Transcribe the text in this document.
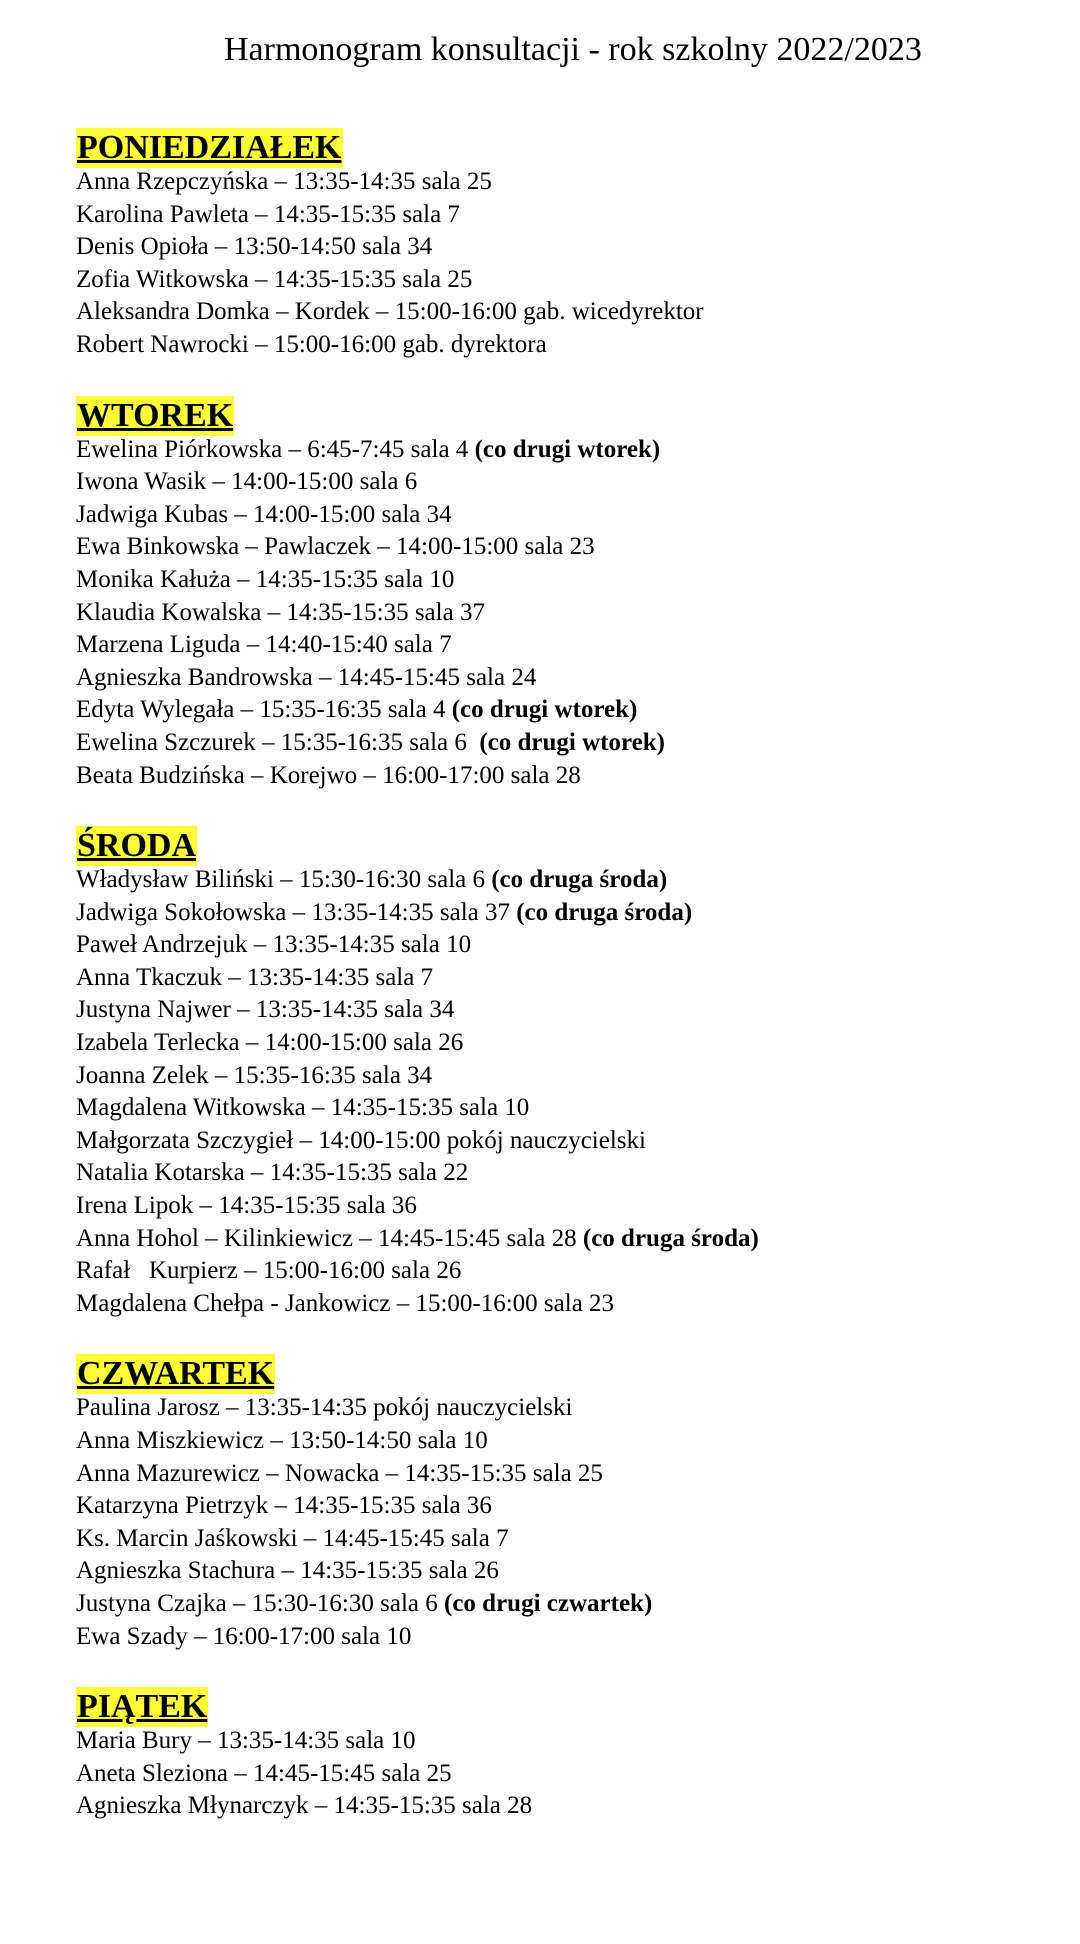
Harmonogram konsultacji - rok szkolny 2022/2023
PONIEDZIAŁEK
Anna Rzepczyńska – 13:35-14:35 sala 25
Karolina Pawleta – 14:35-15:35 sala 7
Denis Opioła – 13:50-14:50 sala 34
Zofia Witkowska – 14:35-15:35 sala 25
Aleksandra Domka – Kordek – 15:00-16:00 gab. wicedyrektor
Robert Nawrocki – 15:00-16:00 gab. dyrektora
WTOREK
Ewelina Piórkowska – 6:45-7:45 sala 4 (co drugi wtorek)
Iwona Wasik – 14:00-15:00 sala 6
Jadwiga Kubas – 14:00-15:00 sala 34
Ewa Binkowska – Pawlaczek – 14:00-15:00 sala 23
Monika Kałuża – 14:35-15:35 sala 10
Klaudia Kowalska – 14:35-15:35 sala 37
Marzena Liguda – 14:40-15:40 sala 7
Agnieszka Bandrowska – 14:45-15:45 sala 24
Edyta Wylegała – 15:35-16:35 sala 4 (co drugi wtorek)
Ewelina Szczurek – 15:35-16:35 sala 6  (co drugi wtorek)
Beata Budzińska – Korejwo – 16:00-17:00 sala 28
ŚRODA
Władysław Biliński – 15:30-16:30 sala 6 (co druga środa)
Jadwiga Sokołowska – 13:35-14:35 sala 37 (co druga środa)
Paweł Andrzejuk – 13:35-14:35 sala 10
Anna Tkaczuk – 13:35-14:35 sala 7
Justyna Najwer – 13:35-14:35 sala 34
Izabela Terlecka – 14:00-15:00 sala 26
Joanna Zelek – 15:35-16:35 sala 34
Magdalena Witkowska – 14:35-15:35 sala 10
Małgorzata Szczygieł – 14:00-15:00 pokój nauczycielski
Natalia Kotarska – 14:35-15:35 sala 22
Irena Lipok – 14:35-15:35 sala 36
Anna Hohol – Kilinkiewicz – 14:45-15:45 sala 28 (co druga środa)
Rafał   Kurpierz – 15:00-16:00 sala 26
Magdalena Chełpa - Jankowicz – 15:00-16:00 sala 23
CZWARTEK
Paulina Jarosz – 13:35-14:35 pokój nauczycielski
Anna Miszkiewicz – 13:50-14:50 sala 10
Anna Mazurewicz – Nowacka – 14:35-15:35 sala 25
Katarzyna Pietrzyk – 14:35-15:35 sala 36
Ks. Marcin Jaśkowski – 14:45-15:45 sala 7
Agnieszka Stachura – 14:35-15:35 sala 26
Justyna Czajka – 15:30-16:30 sala 6 (co drugi czwartek)
Ewa Szady – 16:00-17:00 sala 10
PIĄTEK
Maria Bury – 13:35-14:35 sala 10
Aneta Sleziona – 14:45-15:45 sala 25
Agnieszka Młynarczyk – 14:35-15:35 sala 28
